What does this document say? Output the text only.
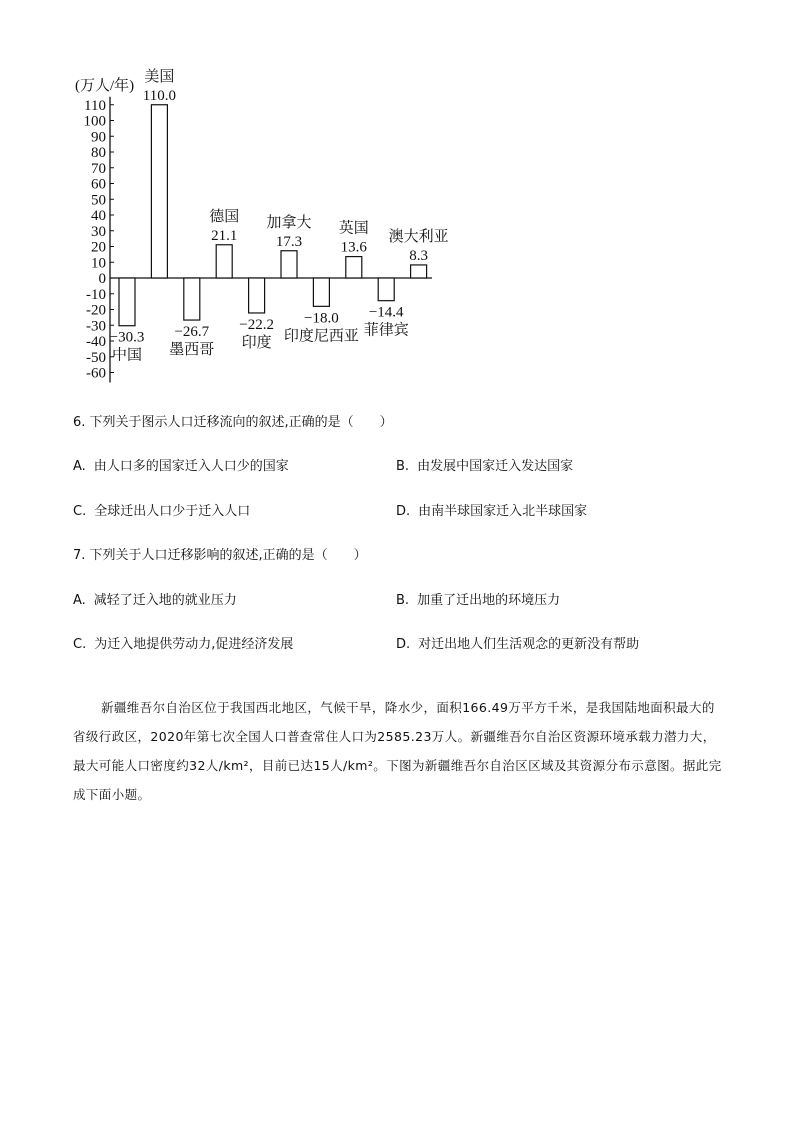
(万人/年)
110
100
90
80
70
60
50
40
30
20
10
0
-10
-20
-30
-40
-50
-60
−30.3
110.0
−26.7
21.1
−22.2
17.3
−18.0
13.6
−14.4
8.3
中国
美国
墨西哥
德国
印度
加拿大
印度尼西亚
英国
菲律宾
澳大利亚
6. 下列关于图示人口迁移流向的叙述,正确的是（　　）
A. 由人口多的国家迁入人口少的国家	B. 由发展中国家迁入发达国家
C. 全球迁出人口少于迁入人口	D. 由南半球国家迁入北半球国家
7. 下列关于人口迁移影响的叙述,正确的是（　　）
A. 减轻了迁入地的就业压力	B. 加重了迁出地的环境压力
C. 为迁入地提供劳动力,促进经济发展	D. 对迁出地人们生活观念的更新没有帮助

新疆维吾尔自治区位于我国西北地区，气候干旱，降水少，面积166.49万平方千米，是我国陆地面积最大的省级行政区，2020年第七次全国人口普查常住人口为2585.23万人。新疆维吾尔自治区资源环境承载力潜力大，最大可能人口密度约32人/km²，目前已达15人/km²。下图为新疆维吾尔自治区区域及其资源分布示意图。据此完成下面小题。
